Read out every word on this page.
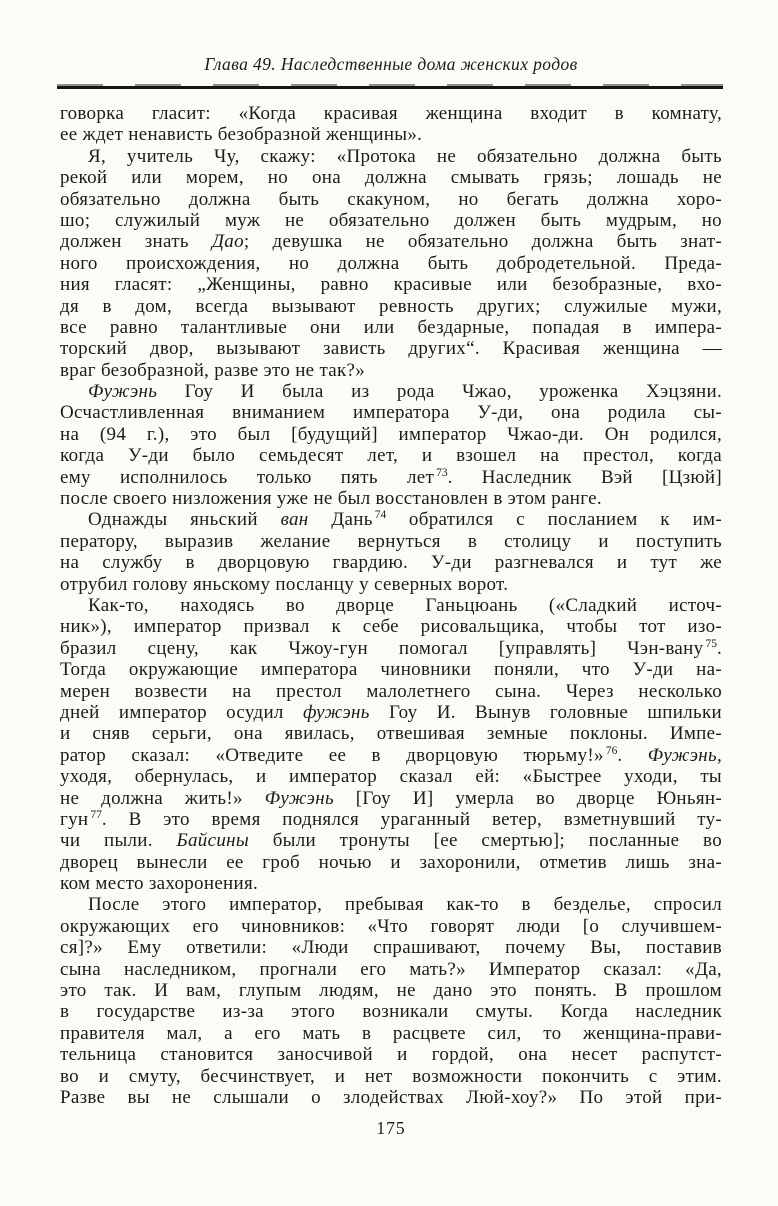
Глава 49. Наследственные дома женских родов
говорка гласит: «Когда красивая женщина входит в комнату,
ее ждет ненависть безобразной женщины».
Я, учитель Чу, скажу: «Протока не обязательно должна быть
рекой или морем, но она должна смывать грязь; лошадь не
обязательно должна быть скакуном, но бегать должна хоро-
шо; служилый муж не обязательно должен быть мудрым, но
должен знать Дао; девушка не обязательно должна быть знат-
ного происхождения, но должна быть добродетельной. Преда-
ния гласят: „Женщины, равно красивые или безобразные, вхо-
дя в дом, всегда вызывают ревность других; служилые мужи,
все равно талантливые они или бездарные, попадая в импера-
торский двор, вызывают зависть других“. Красивая женщина —
враг безобразной, разве это не так?»
Фужэнь Гоу И была из рода Чжао, уроженка Хэцзяни.
Осчастливленная вниманием императора У-ди, она родила сы-
на (94 г.), это был [будущий] император Чжао-ди. Он родился,
когда У-ди было семьдесят лет, и взошел на престол, когда
ему исполнилось только пять лет $^{73}$. Наследник Вэй [Цзюй]
после своего низложения уже не был восстановлен в этом ранге.
Однажды яньский ван Дань $^{74}$ обратился с посланием к им-
ператору, выразив желание вернуться в столицу и поступить
на службу в дворцовую гвардию. У-ди разгневался и тут же
отрубил голову яньскому посланцу у северных ворот.
Как-то, находясь во дворце Ганьцюань («Сладкий источ-
ник»), император призвал к себе рисовальщика, чтобы тот изо-
бразил сцену, как Чжоу-гун помогал [управлять] Чэн-вану $^{75}$.
Тогда окружающие императора чиновники поняли, что У-ди на-
мерен возвести на престол малолетнего сына. Через несколько
дней император осудил фужэнь Гоу И. Вынув головные шпильки
и сняв серьги, она явилась, отвешивая земные поклоны. Импе-
ратор сказал: «Отведите ее в дворцовую тюрьму!» $^{76}$. Фужэнь,
уходя, обернулась, и император сказал ей: «Быстрее уходи, ты
не должна жить!» Фужэнь [Гоу И] умерла во дворце Юньян-
гун $^{77}$. В это время поднялся ураганный ветер, взметнувший ту-
чи пыли. Байсины были тронуты [ее смертью]; посланные во
дворец вынесли ее гроб ночью и захоронили, отметив лишь зна-
ком место захоронения.
После этого император, пребывая как-то в безделье, спросил
окружающих его чиновников: «Что говорят люди [о случившем-
ся]?» Ему ответили: «Люди спрашивают, почему Вы, поставив
сына наследником, прогнали его мать?» Император сказал: «Да,
это так. И вам, глупым людям, не дано это понять. В прошлом
в государстве из-за этого возникали смуты. Когда наследник
правителя мал, а его мать в расцвете сил, то женщина-прави-
тельница становится заносчивой и гордой, она несет распутст-
во и смуту, бесчинствует, и нет возможности покончить с этим.
Разве вы не слышали о злодействах Люй-хоу?» По этой при-
175
